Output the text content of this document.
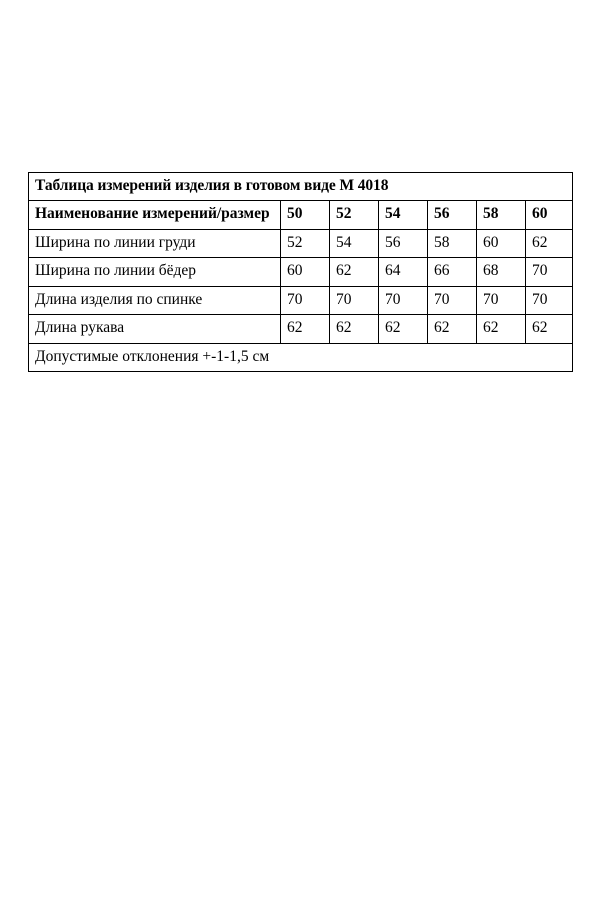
Таблица измерений изделия в готовом виде М 4018						
Наименование измерений/размер	50	52	54	56	58	60
Ширина по линии груди	52	54	56	58	60	62
Ширина по линии бёдер	60	62	64	66	68	70
Длина изделия по спинке	70	70	70	70	70	70
Длина рукава	62	62	62	62	62	62
Допустимые отклонения +-1-1,5 см						
